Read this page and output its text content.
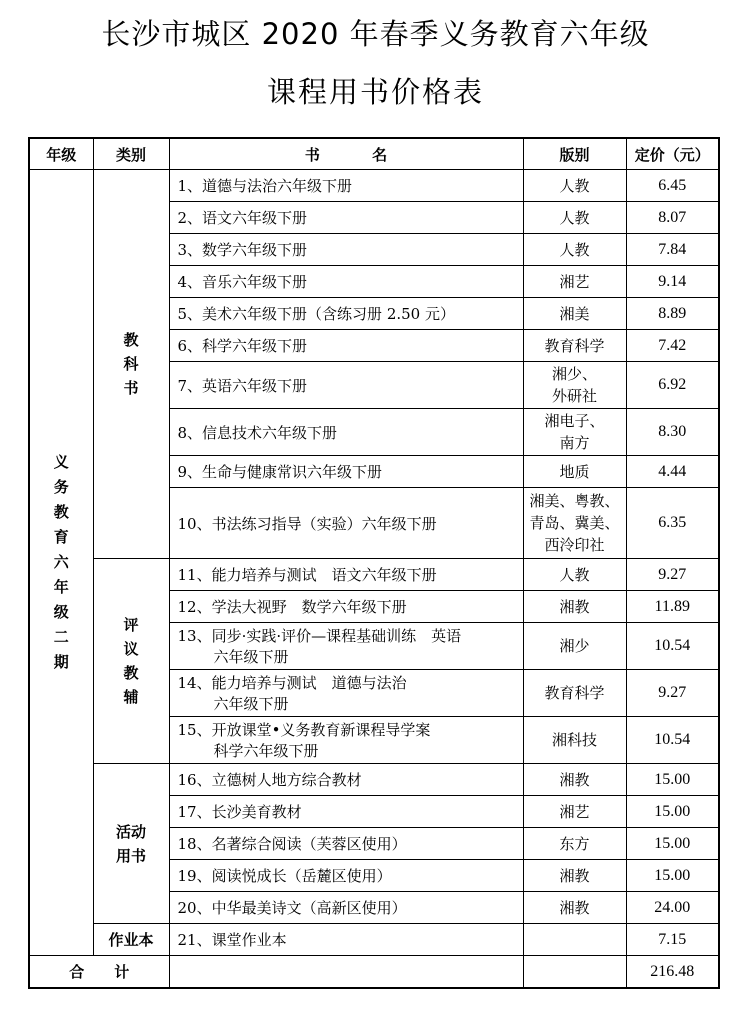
长沙市城区 2020 年春季义务教育六年级
课程用书价格表
年级	类别	书          名	版别	定价（元）
义务教育六年级二期	教科书	1、道德与法治六年级下册	人教	6.45
		2、语文六年级下册	人教	8.07
		3、数学六年级下册	人教	7.84
		4、音乐六年级下册	湘艺	9.14
		5、美术六年级下册（含练习册 2.50 元）	湘美	8.89
		6、科学六年级下册	教育科学	7.42
		7、英语六年级下册	湘少、
外研社	6.92
		8、信息技术六年级下册	湘电子、
南方	8.30
		9、生命与健康常识六年级下册	地质	4.44
		10、书法练习指导（实验）六年级下册	湘美、粤教、
青岛、冀美、
西泠印社	6.35
	评议教辅	11、能力培养与测试　语文六年级下册	人教	9.27
		12、学法大视野　数学六年级下册	湘教	11.89
		13、同步·实践·评价—课程基础训练　英语
六年级下册	湘少	10.54
		14、能力培养与测试　道德与法治
六年级下册	教育科学	9.27
		15、开放课堂•义务教育新课程导学案
科学六年级下册	湘科技	10.54
	活动用书	16、立德树人地方综合教材	湘教	15.00
		17、长沙美育教材	湘艺	15.00
		18、名著综合阅读（芙蓉区使用）	东方	15.00
		19、阅读悦成长（岳麓区使用）	湘教	15.00
		20、中华最美诗文（高新区使用）	湘教	24.00
	作业本	21、课堂作业本		7.15
合　　计				216.48
